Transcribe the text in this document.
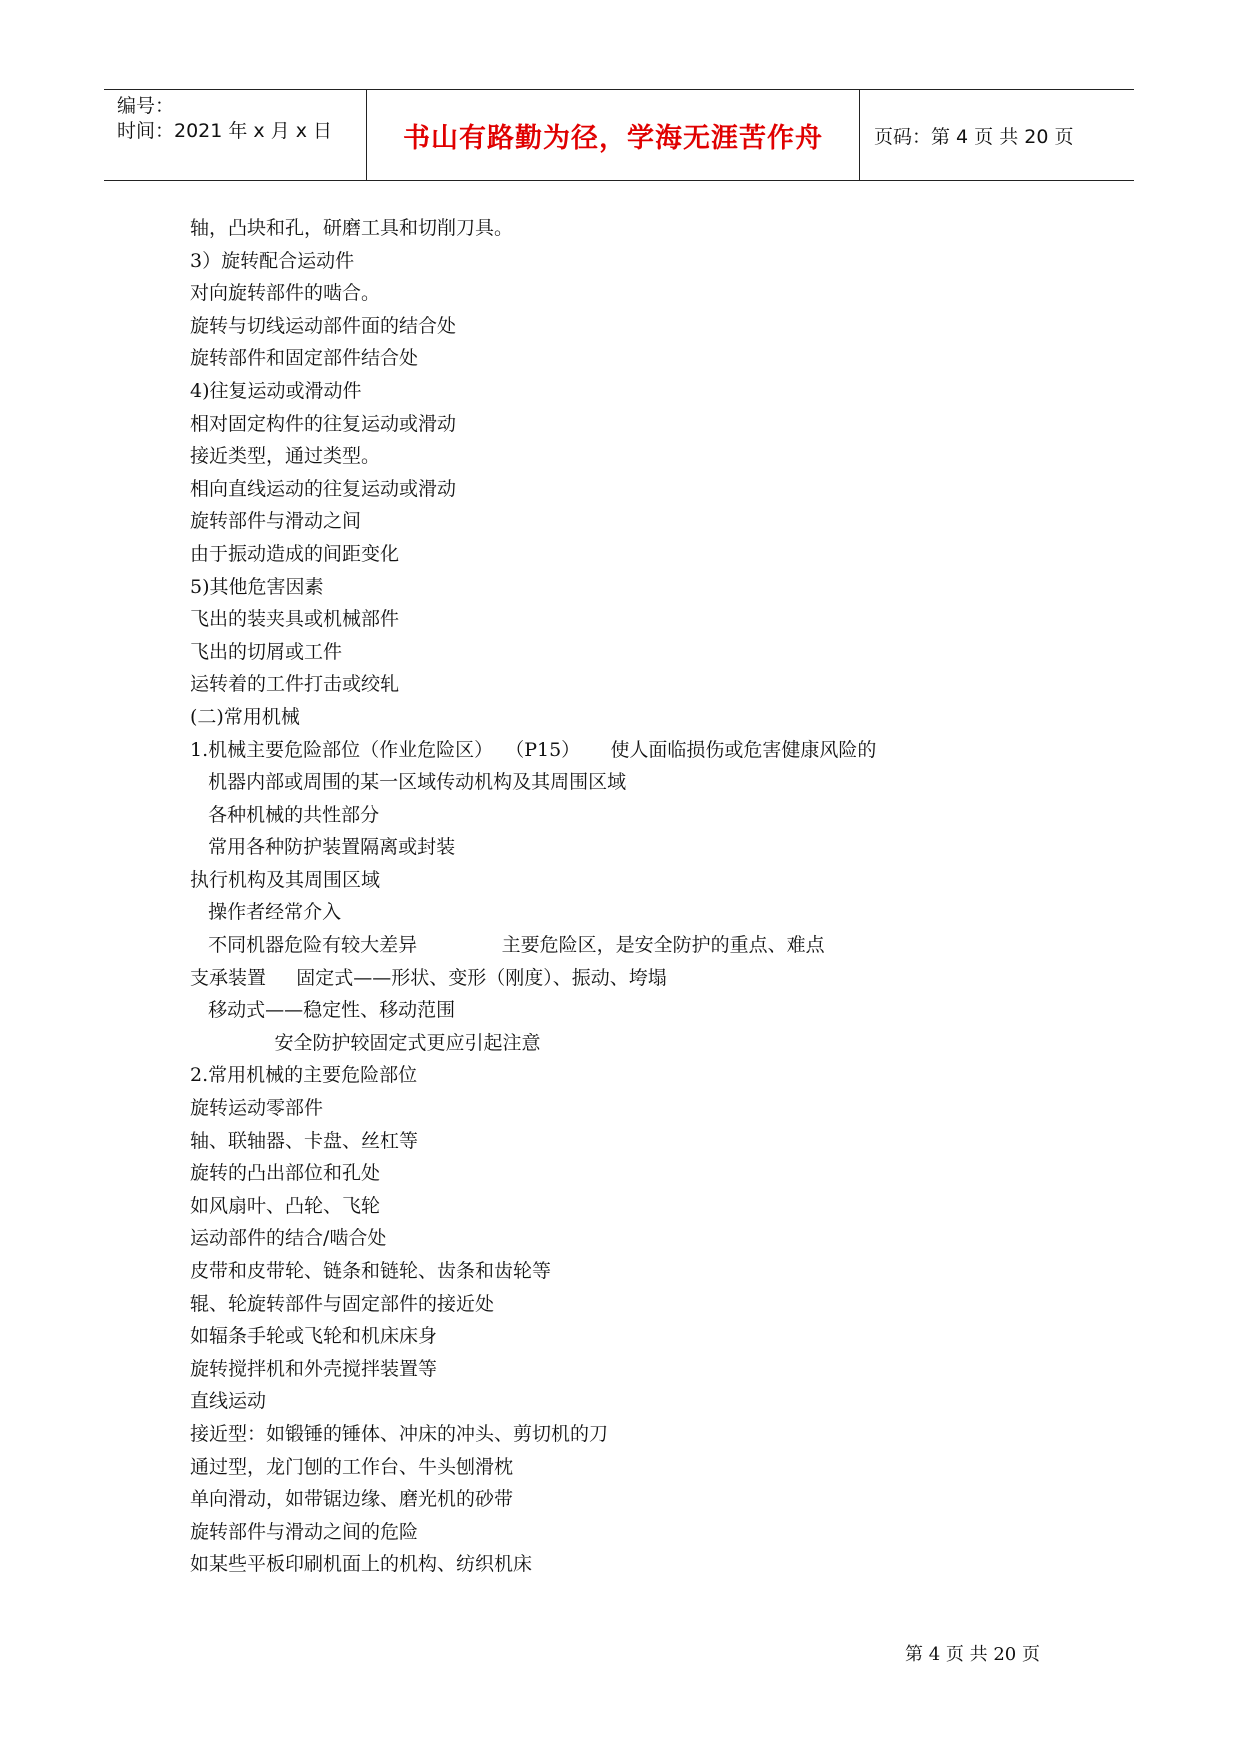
编号：
时间：2021 年 x 月 x 日	书山有路勤为径，学海无涯苦作舟	页码：第 4 页 共 20 页
轴，凸块和孔，研磨工具和切削刀具。
3）旋转配合运动件
对向旋转部件的啮合。
旋转与切线运动部件面的结合处
旋转部件和固定部件结合处
4)往复运动或滑动件
相对固定构件的往复运动或滑动
接近类型，通过类型。
相向直线运动的往复运动或滑动
旋转部件与滑动之间
由于振动造成的间距变化
5)其他危害因素
飞出的装夹具或机械部件
飞出的切屑或工件
运转着的工件打击或绞轧
(二)常用机械
1.机械主要危险部位（作业危险区）  （P15）     使人面临损伤或危害健康风险的
机器内部或周围的某一区域传动机构及其周围区域
各种机械的共性部分
常用各种防护装置隔离或封装
执行机构及其周围区域
操作者经常介入
不同机器危险有较大差异              主要危险区，是安全防护的重点、难点
支承装置     固定式——形状、变形（刚度）、振动、垮塌
移动式——稳定性、移动范围
安全防护较固定式更应引起注意
2.常用机械的主要危险部位
旋转运动零部件
轴、联轴器、卡盘、丝杠等
旋转的凸出部位和孔处
如风扇叶、凸轮、飞轮
运动部件的结合/啮合处
皮带和皮带轮、链条和链轮、齿条和齿轮等
辊、轮旋转部件与固定部件的接近处
如辐条手轮或飞轮和机床床身
旋转搅拌机和外壳搅拌装置等
直线运动
接近型：如锻锤的锤体、冲床的冲头、剪切机的刀
通过型，龙门刨的工作台、牛头刨滑枕
单向滑动，如带锯边缘、磨光机的砂带
旋转部件与滑动之间的危险
如某些平板印刷机面上的机构、纺织机床
第 4 页 共 20 页
